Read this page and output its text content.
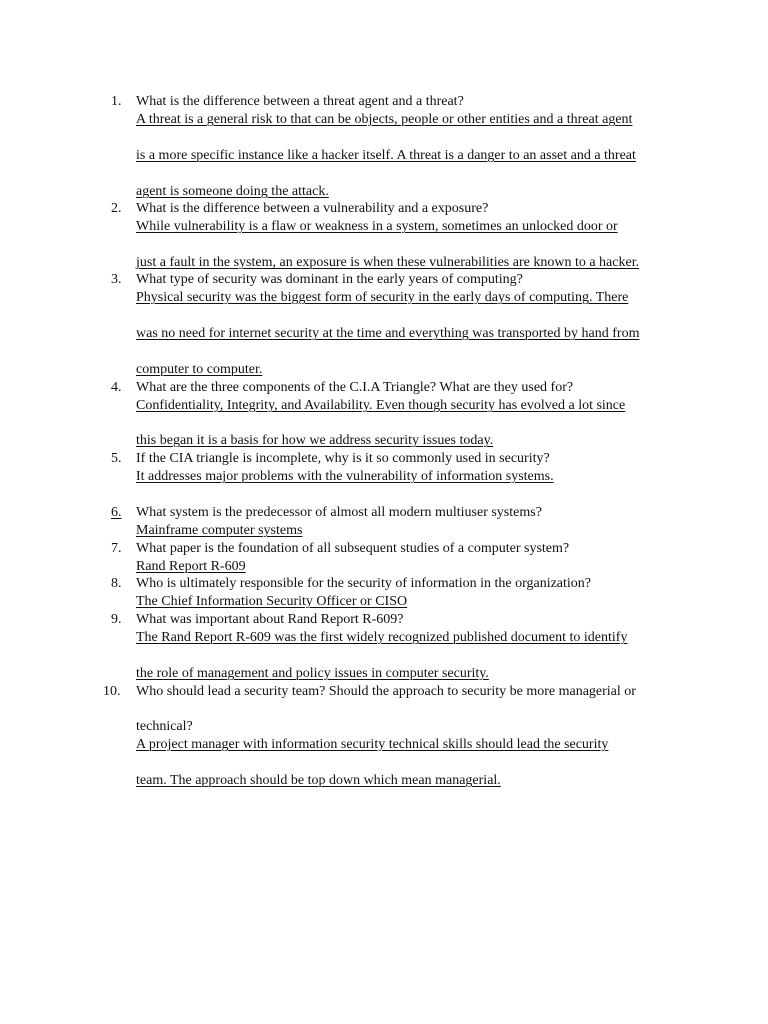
1. What is the difference between a threat agent and a threat?
A threat is a general risk to that can be objects, people or other entities and a threat agent
is a more specific instance like a hacker itself. A threat is a danger to an asset and a threat
agent is someone doing the attack.
2. What is the difference between a vulnerability and a exposure?
While vulnerability is a flaw or weakness in a system, sometimes an unlocked door or
just a fault in the system, an exposure is when these vulnerabilities are known to a hacker.
3. What type of security was dominant in the early years of computing?
Physical security was the biggest form of security in the early days of computing. There
was no need for internet security at the time and everything was transported by hand from
computer to computer.
4. What are the three components of the C.I.A Triangle? What are they used for?
Confidentiality, Integrity, and Availability. Even though security has evolved a lot since
this began it is a basis for how we address security issues today.
5. If the CIA triangle is incomplete, why is it so commonly used in security?
It addresses major problems with the vulnerability of information systems.
6.	What system is the predecessor of almost all modern multiuser systems?
Mainframe computer systems
7. What paper is the foundation of all subsequent studies of a computer system?
Rand Report R-609
8. Who is ultimately responsible for the security of information in the organization?
The Chief Information Security Officer or CISO
9. What was important about Rand Report R-609?
The Rand Report R-609 was the first widely recognized published document to identify
the role of management and policy issues in computer security.
10. Who should lead a security team? Should the approach to security be more managerial or
technical?
A project manager with information security technical skills should lead the security
team. The approach should be top down which mean managerial.
